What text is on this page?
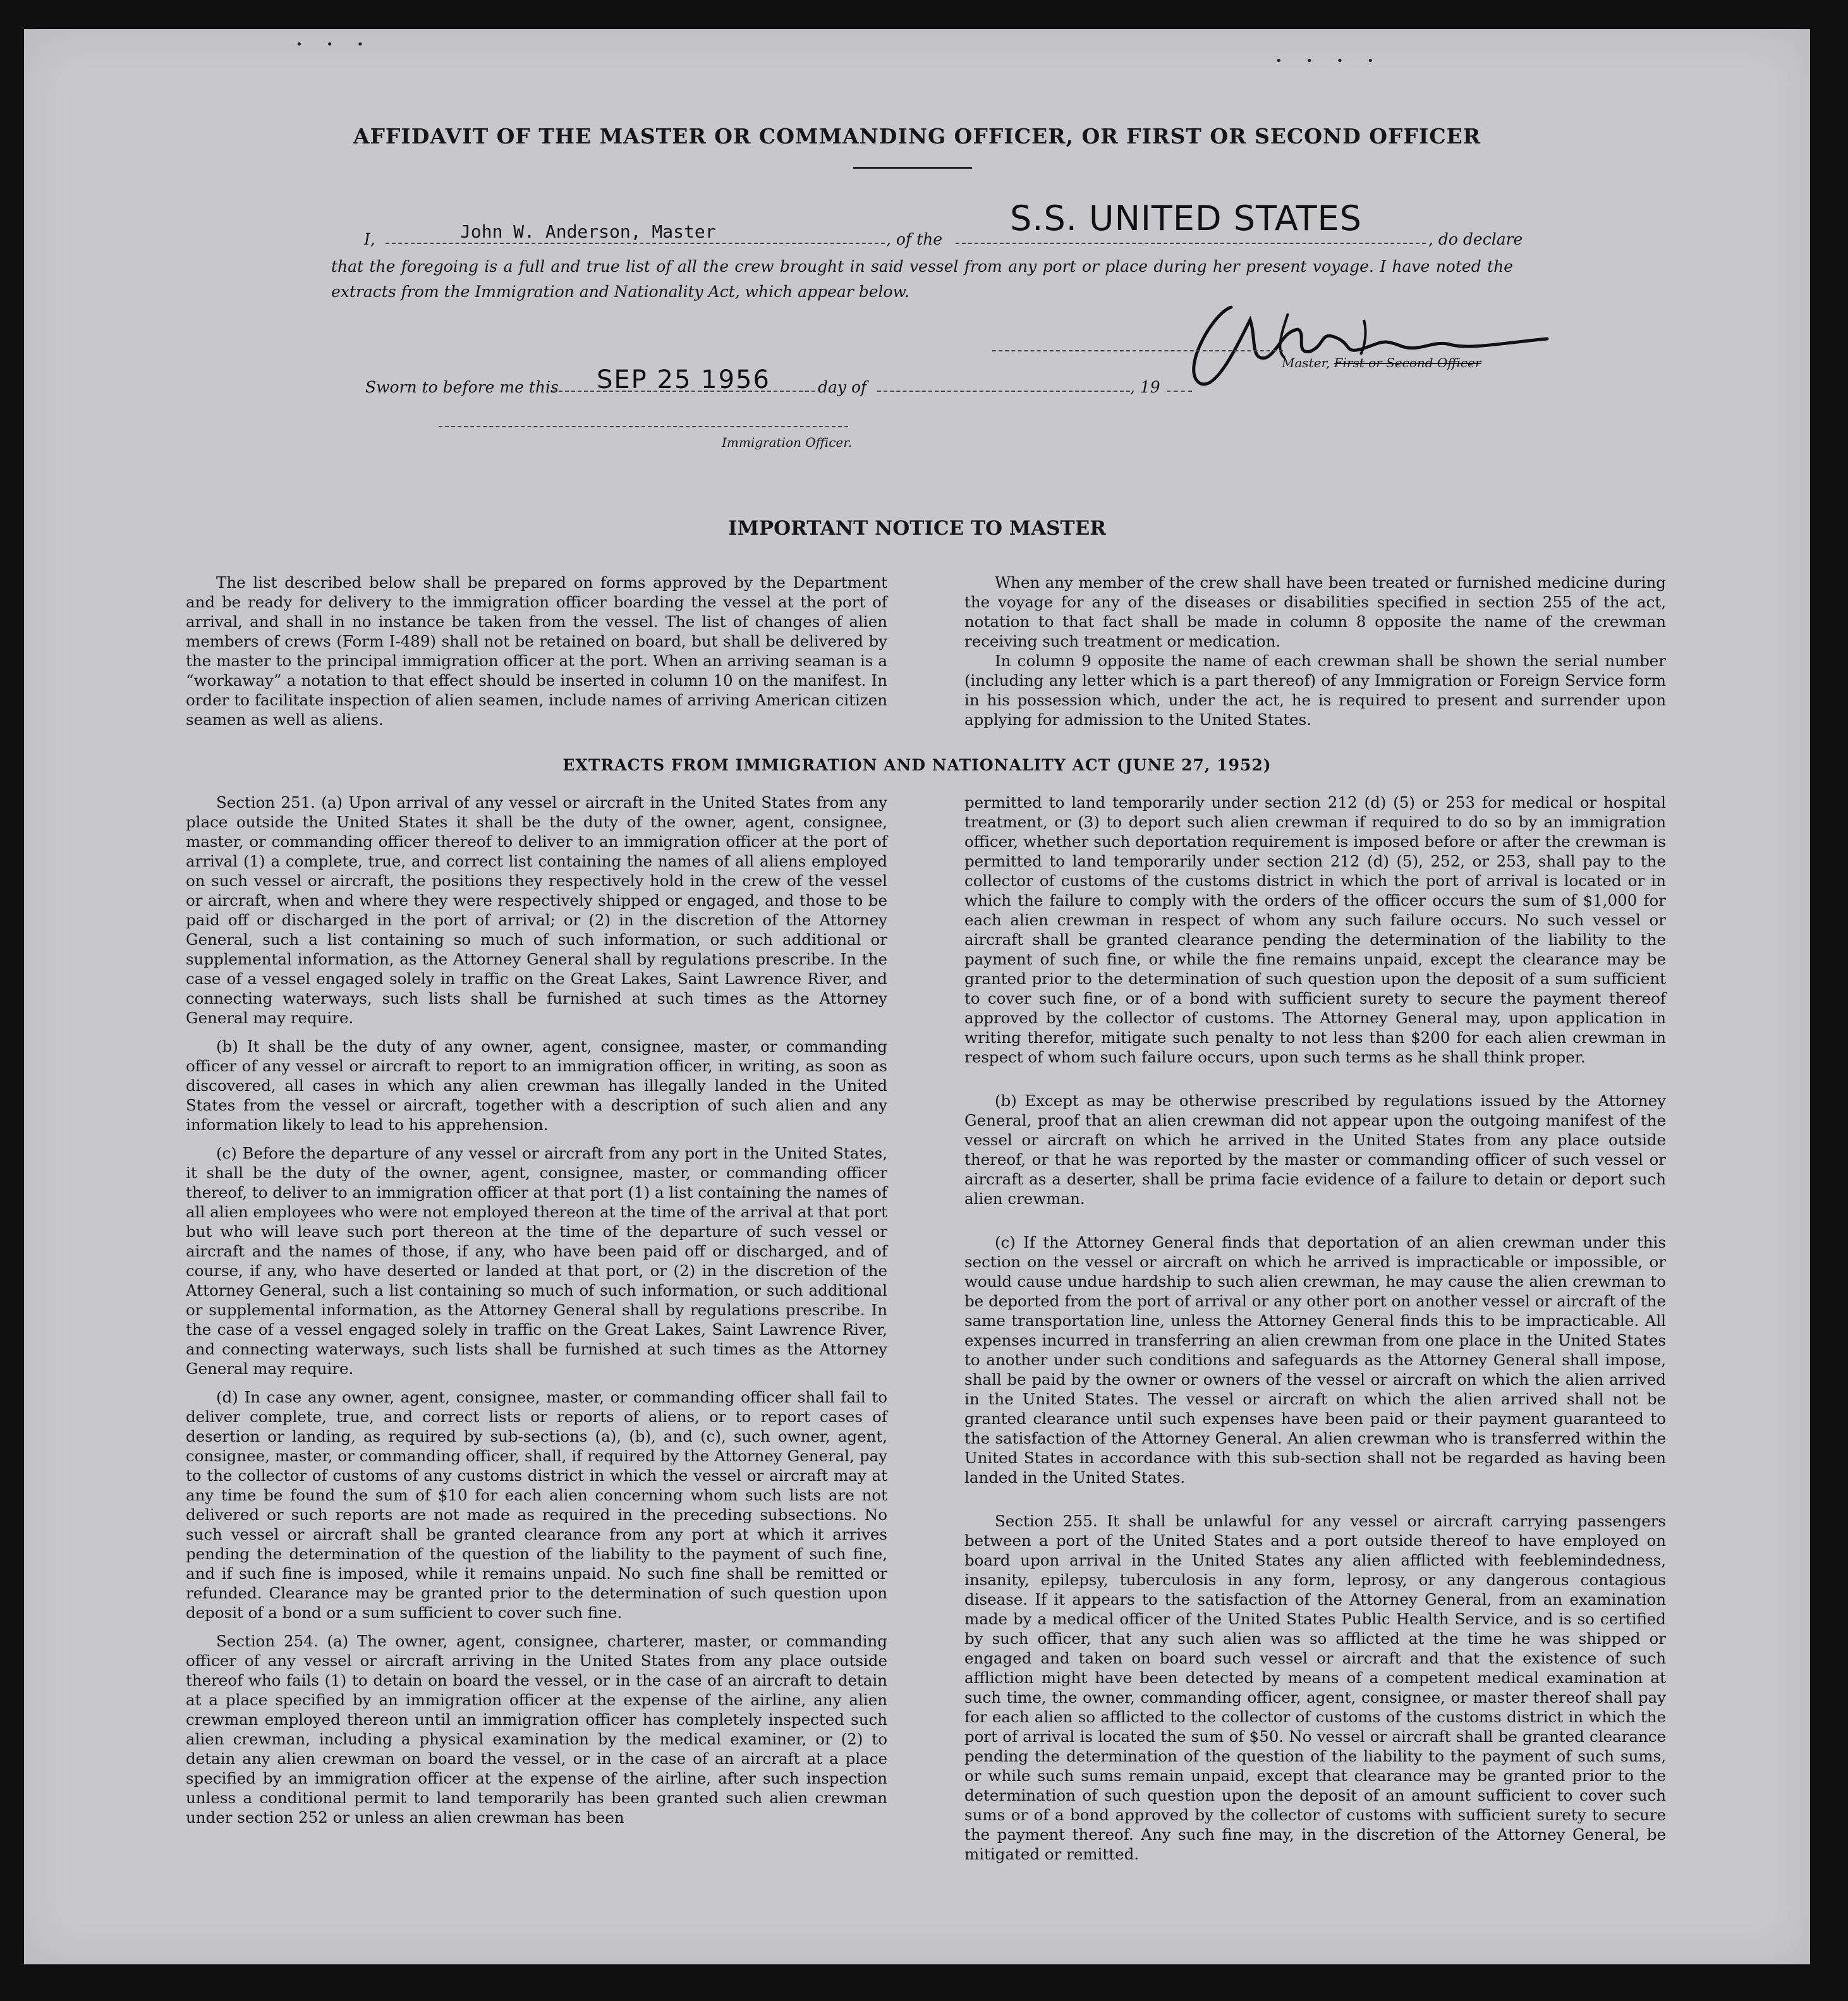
• • •
• • • •
AFFIDAVIT OF THE MASTER OR COMMANDING OFFICER, OR FIRST OR SECOND OFFICER
I,	John W. Anderson, Master	, of the
S.S. UNITED STATES
, do declare

that the foregoing is a full and true list of all the crew brought in said vessel from any port or place during her present voyage. I have noted the extracts from the Immigration and Nationality Act, which appear below.

Master, First or Second Officer
Sworn to before me this SEP 25 1956	day of	, 19
Immigration Officer.
IMPORTANT NOTICE TO MASTER

The list described below shall be prepared on forms approved by the Department and be ready for delivery to the immigration officer boarding the vessel at the port of arrival, and shall in no instance be taken from the vessel. The list of changes of alien members of crews (Form I-489) shall not be retained on board, but shall be delivered by the master to the principal immigration officer at the port. When an arriving seaman is a “workaway” a notation to that effect should be inserted in column 10 on the manifest. In order to facilitate inspection of alien seamen, include names of arriving American citizen seamen as well as aliens.

When any member of the crew shall have been treated or furnished medicine during the voyage for any of the diseases or disabilities specified in section 255 of the act, notation to that fact shall be made in column 8 opposite the name of the crewman receiving such treatment or medication.

In column 9 opposite the name of each crewman shall be shown the serial number (including any letter which is a part thereof) of any Immigration or Foreign Service form in his possession which, under the act, he is required to present and surrender upon applying for admission to the United States.

EXTRACTS FROM IMMIGRATION AND NATIONALITY ACT (JUNE 27, 1952)

Section 251. (a) Upon arrival of any vessel or aircraft in the United States from any place outside the United States it shall be the duty of the owner, agent, consignee, master, or commanding officer thereof to deliver to an immigration officer at the port of arrival (1) a complete, true, and correct list containing the names of all aliens employed on such vessel or aircraft, the positions they respectively hold in the crew of the vessel or aircraft, when and where they were respectively shipped or engaged, and those to be paid off or discharged in the port of arrival; or (2) in the discretion of the Attorney General, such a list containing so much of such information, or such additional or supplemental information, as the Attorney General shall by regulations prescribe. In the case of a vessel engaged solely in traffic on the Great Lakes, Saint Lawrence River, and connecting waterways, such lists shall be furnished at such times as the Attorney General may require.

(b) It shall be the duty of any owner, agent, consignee, master, or commanding officer of any vessel or aircraft to report to an immigration officer, in writing, as soon as discovered, all cases in which any alien crewman has illegally landed in the United States from the vessel or aircraft, together with a description of such alien and any information likely to lead to his apprehension.

(c) Before the departure of any vessel or aircraft from any port in the United States, it shall be the duty of the owner, agent, consignee, master, or commanding officer thereof, to deliver to an immigration officer at that port (1) a list containing the names of all alien employees who were not employed thereon at the time of the arrival at that port but who will leave such port thereon at the time of the departure of such vessel or aircraft and the names of those, if any, who have been paid off or discharged, and of course, if any, who have deserted or landed at that port, or (2) in the discretion of the Attorney General, such a list containing so much of such information, or such additional or supplemental information, as the Attorney General shall by regulations prescribe. In the case of a vessel engaged solely in traffic on the Great Lakes, Saint Lawrence River, and connecting waterways, such lists shall be furnished at such times as the Attorney General may require.

(d) In case any owner, agent, consignee, master, or commanding officer shall fail to deliver complete, true, and correct lists or reports of aliens, or to report cases of desertion or landing, as required by sub-sections (a), (b), and (c), such owner, agent, consignee, master, or commanding officer, shall, if required by the Attorney General, pay to the collector of customs of any customs district in which the vessel or aircraft may at any time be found the sum of $10 for each alien concerning whom such lists are not delivered or such reports are not made as required in the preceding subsections. No such vessel or aircraft shall be granted clearance from any port at which it arrives pending the determination of the question of the liability to the payment of such fine, and if such fine is imposed, while it remains unpaid. No such fine shall be remitted or refunded. Clearance may be granted prior to the determination of such question upon deposit of a bond or a sum sufficient to cover such fine.

Section 254. (a) The owner, agent, consignee, charterer, master, or commanding officer of any vessel or aircraft arriving in the United States from any place outside thereof who fails (1) to detain on board the vessel, or in the case of an aircraft to detain at a place specified by an immigration officer at the expense of the airline, any alien crewman employed thereon until an immigration officer has completely inspected such alien crewman, including a physical examination by the medical examiner, or (2) to detain any alien crewman on board the vessel, or in the case of an aircraft at a place specified by an immigration officer at the expense of the airline, after such inspection unless a conditional permit to land temporarily has been granted such alien crewman under section 252 or unless an alien crewman has been

permitted to land temporarily under section 212 (d) (5) or 253 for medical or hospital treatment, or (3) to deport such alien crewman if required to do so by an immigration officer, whether such deportation requirement is imposed before or after the crewman is permitted to land temporarily under section 212 (d) (5), 252, or 253, shall pay to the collector of customs of the customs district in which the port of arrival is located or in which the failure to comply with the orders of the officer occurs the sum of $1,000 for each alien crewman in respect of whom any such failure occurs. No such vessel or aircraft shall be granted clearance pending the determination of the liability to the payment of such fine, or while the fine remains unpaid, except the clearance may be granted prior to the determination of such question upon the deposit of a sum sufficient to cover such fine, or of a bond with sufficient surety to secure the payment thereof approved by the collector of customs. The Attorney General may, upon application in writing therefor, mitigate such penalty to not less than $200 for each alien crewman in respect of whom such failure occurs, upon such terms as he shall think proper.

(b) Except as may be otherwise prescribed by regulations issued by the Attorney General, proof that an alien crewman did not appear upon the outgoing manifest of the vessel or aircraft on which he arrived in the United States from any place outside thereof, or that he was reported by the master or commanding officer of such vessel or aircraft as a deserter, shall be prima facie evidence of a failure to detain or deport such alien crewman.

(c) If the Attorney General finds that deportation of an alien crewman under this section on the vessel or aircraft on which he arrived is impracticable or impossible, or would cause undue hardship to such alien crewman, he may cause the alien crewman to be deported from the port of arrival or any other port on another vessel or aircraft of the same transportation line, unless the Attorney General finds this to be impracticable. All expenses incurred in transferring an alien crewman from one place in the United States to another under such conditions and safeguards as the Attorney General shall impose, shall be paid by the owner or owners of the vessel or aircraft on which the alien arrived in the United States. The vessel or aircraft on which the alien arrived shall not be granted clearance until such expenses have been paid or their payment guaranteed to the satisfaction of the Attorney General. An alien crewman who is transferred within the United States in accordance with this sub-section shall not be regarded as having been landed in the United States.

Section 255. It shall be unlawful for any vessel or aircraft carrying passengers between a port of the United States and a port outside thereof to have employed on board upon arrival in the United States any alien afflicted with feeblemindedness, insanity, epilepsy, tuberculosis in any form, leprosy, or any dangerous contagious disease. If it appears to the satisfaction of the Attorney General, from an examination made by a medical officer of the United States Public Health Service, and is so certified by such officer, that any such alien was so afflicted at the time he was shipped or engaged and taken on board such vessel or aircraft and that the existence of such affliction might have been detected by means of a competent medical examination at such time, the owner, commanding officer, agent, consignee, or master thereof shall pay for each alien so afflicted to the collector of customs of the customs district in which the port of arrival is located the sum of $50. No vessel or aircraft shall be granted clearance pending the determination of the question of the liability to the payment of such sums, or while such sums remain unpaid, except that clearance may be granted prior to the determination of such question upon the deposit of an amount sufficient to cover such sums or of a bond approved by the collector of customs with sufficient surety to secure the payment thereof. Any such fine may, in the discretion of the Attorney General, be mitigated or remitted.
